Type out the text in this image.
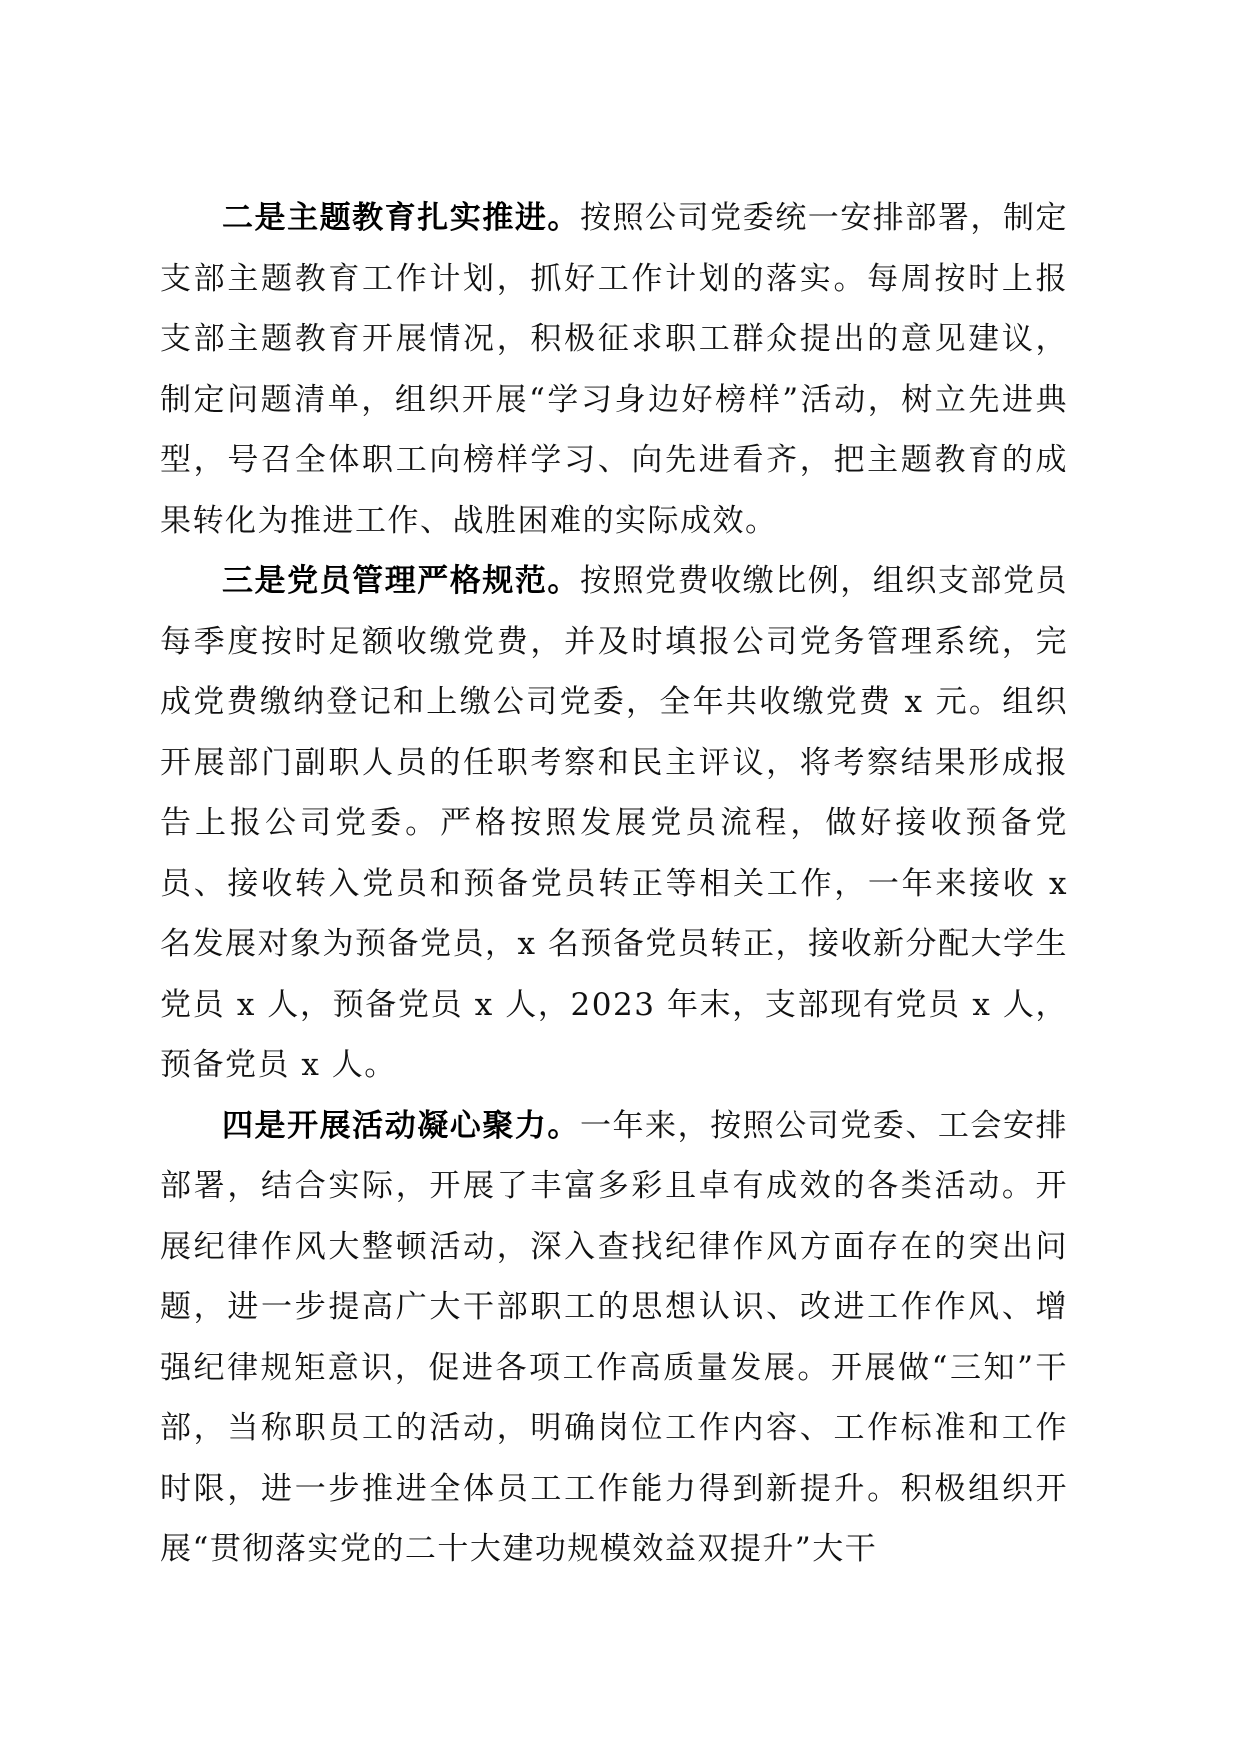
二是主题教育扎实推进。按照公司党委统一安排部署，制定支部主题教育工作计划，抓好工作计划的落实。每周按时上报支部主题教育开展情况，积极征求职工群众提出的意见建议，制定问题清单，组织开展“学习身边好榜样”活动，树立先进典型，号召全体职工向榜样学习、向先进看齐，把主题教育的成果转化为推进工作、战胜困难的实际成效。

三是党员管理严格规范。按照党费收缴比例，组织支部党员每季度按时足额收缴党费，并及时填报公司党务管理系统，完成党费缴纳登记和上缴公司党委，全年共收缴党费 x 元。组织开展部门副职人员的任职考察和民主评议，将考察结果形成报告上报公司党委。严格按照发展党员流程，做好接收预备党员、接收转入党员和预备党员转正等相关工作，一年来接收 x 名发展对象为预备党员，x 名预备党员转正，接收新分配大学生党员 x 人，预备党员 x 人，2023 年末，支部现有党员 x 人，预备党员 x 人。

四是开展活动凝心聚力。一年来，按照公司党委、工会安排部署，结合实际，开展了丰富多彩且卓有成效的各类活动。开展纪律作风大整顿活动，深入查找纪律作风方面存在的突出问题，进一步提高广大干部职工的思想认识、改进工作作风、增强纪律规矩意识，促进各项工作高质量发展。开展做“三知”干部，当称职员工的活动，明确岗位工作内容、工作标准和工作时限，进一步推进全体员工工作能力得到新提升。积极组织开展“贯彻落实党的二十大建功规模效益双提升”大干
